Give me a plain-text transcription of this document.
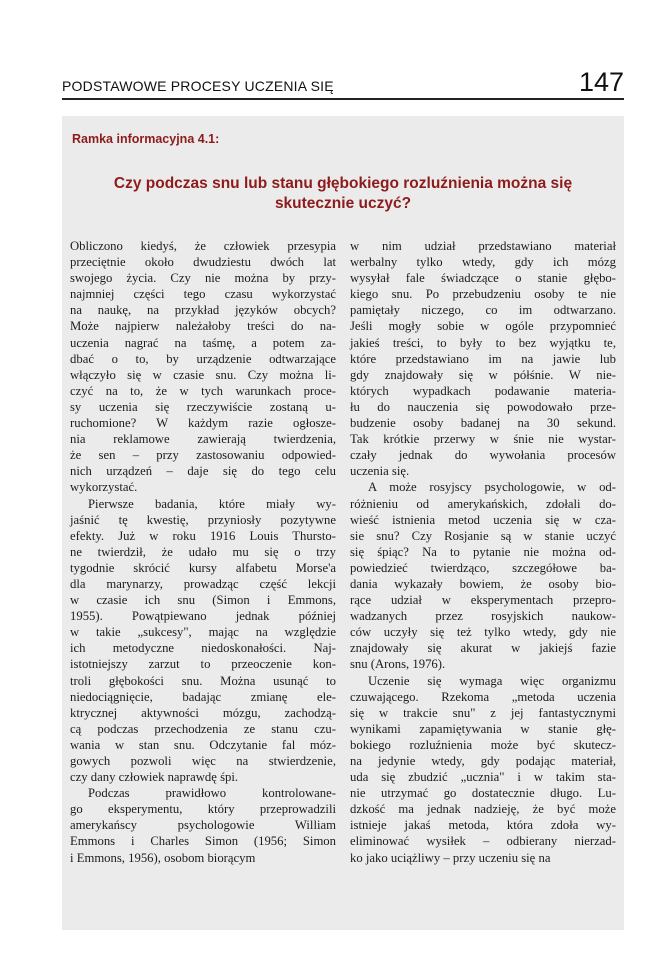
PODSTAWOWE PROCESY UCZENIA SIĘ	147
Ramka informacyjna 4.1:
Czy podczas snu lub stanu głębokiego rozluźnienia można się
skutecznie uczyć?
Obliczono kiedyś, że człowiek przesypia
przeciętnie około dwudziestu dwóch lat
swojego życia. Czy nie można by przy-
najmniej części tego czasu wykorzystać
na naukę, na przykład języków obcych?
Może najpierw należałoby treści do na-
uczenia nagrać na taśmę, a potem za-
dbać o to, by urządzenie odtwarzające
włączyło się w czasie snu. Czy można li-
czyć na to, że w tych warunkach proce-
sy uczenia się rzeczywiście zostaną u-
ruchomione? W każdym razie ogłosze-
nia reklamowe zawierają twierdzenia,
że sen – przy zastosowaniu odpowied-
nich urządzeń – daje się do tego celu
wykorzystać.
Pierwsze badania, które miały wy-
jaśnić tę kwestię, przyniosły pozytywne
efekty. Już w roku 1916 Louis Thurstо-
ne twierdził, że udało mu się o trzy
tygodnie skrócić kursy alfabetu Morse'a
dla marynarzy, prowadząc część lekcji
w czasie ich snu (Simon i Emmons,
1955). Powątpiewano jednak później
w takie „sukcesy", mając na względzie
ich metodyczne niedoskonałości. Naj-
istotniejszy zarzut to przeoczenie kon-
troli głębokości snu. Można usunąć to
niedociągnięcie, badając zmianę ele-
ktrycznej aktywności mózgu, zachodzą-
cą podczas przechodzenia ze stanu czu-
wania w stan snu. Odczytanie fal móz-
gowych pozwoli więc na stwierdzenie,
czy dany człowiek naprawdę śpi.
Podczas prawidłowo kontrolowane-
go eksperymentu, który przeprowadzili
amerykańscy psychologowie William
Emmons i Charles Simon (1956; Simon
i Emmons, 1956), osobom biorącym
w nim udział przedstawiano materiał
werbalny tylko wtedy, gdy ich mózg
wysyłał fale świadczące o stanie głębo-
kiego snu. Po przebudzeniu osoby te nie
pamiętały niczego, co im odtwarzano.
Jeśli mogły sobie w ogóle przypomnieć
jakieś treści, to były to bez wyjątku te,
które przedstawiano im na jawie lub
gdy znajdowały się w półśnie. W nie-
których wypadkach podawanie materia-
łu do nauczenia się powodowało prze-
budzenie osoby badanej na 30 sekund.
Tak krótkie przerwy w śnie nie wystar-
czały jednak do wywołania procesów
uczenia się.
A może rosyjscy psychologowie, w od-
różnieniu od amerykańskich, zdołali do-
wieść istnienia metod uczenia się w cza-
sie snu? Czy Rosjanie są w stanie uczyć
się śpiąc? Na to pytanie nie można od-
powiedzieć twierdząco, szczegółowe ba-
dania wykazały bowiem, że osoby bio-
rące udział w eksperymentach przepro-
wadzanych przez rosyjskich naukow-
ców uczyły się też tylko wtedy, gdy nie
znajdowały się akurat w jakiejś fazie
snu (Arons, 1976).
Uczenie się wymaga więc organizmu
czuwającego. Rzekoma „metoda uczenia
się w trakcie snu" z jej fantastycznymi
wynikami zapamiętywania w stanie głę-
bokiego rozluźnienia może być skutecz-
na jedynie wtedy, gdy podając materiał,
uda się zbudzić „ucznia" i w takim sta-
nie utrzymać go dostatecznie długo. Lu-
dzkość ma jednak nadzieję, że być może
istnieje jakaś metoda, która zdoła wy-
eliminować wysiłek – odbierany nierzad-
ko jako uciążliwy – przy uczeniu się na
